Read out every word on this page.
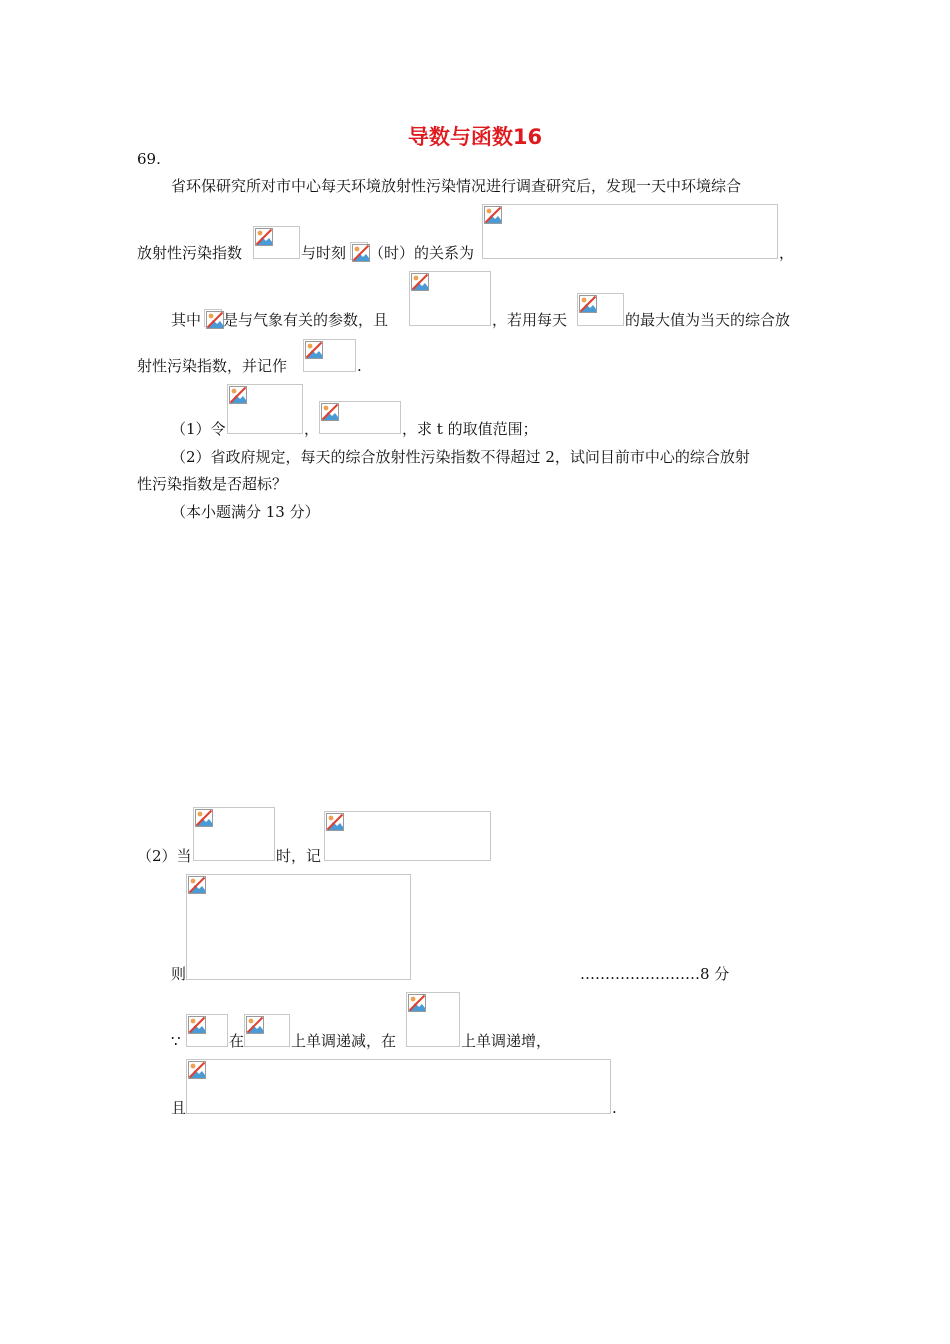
导数与函数16
69.
省环保研究所对市中心每天环境放射性污染情况进行调查研究后，发现一天中环境综合
放射性污染指数	与时刻 （时）的关系为	，
其中 是与气象有关的参数，且	，若用每天	的最大值为当天的综合放
射性污染指数，并记作	.
（1）令	，	，求 t 的取值范围；
（2）省政府规定，每天的综合放射性污染指数不得超过 2，试问目前市中心的综合放射
性污染指数是否超标？
（本小题满分 13 分）
（2）当	时，记
则	……………………8 分
∵	在	上单调递减，在	上单调递增，
且	.
